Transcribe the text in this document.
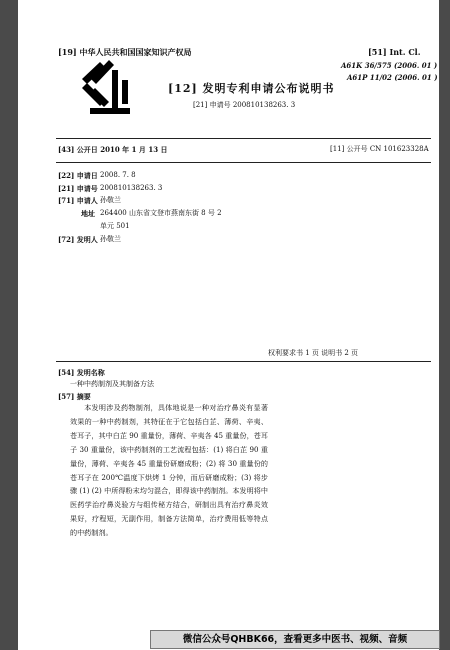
[19] 中华人民共和国国家知识产权局	[51] Int. Cl.
A61K 36/575 (2006. 01 )
A61P 11/02 (2006. 01 )
[12] 发明专利申请公布说明书
[21] 申请号 200810138263. 3
[43] 公开日 2010 年 1 月 13 日	[11] 公开号 CN 101623328A
[22] 申请日 2008. 7. 8
[21] 申请号 200810138263. 3
[71] 申请人 孙敬兰
地址 264400 山东省文登市燕南东街 8 号 2
单元 501
[72] 发明人 孙敬兰
权利要求书 1 页 说明书 2 页
[54] 发明名称
一种中药制剂及其制备方法
[57] 摘要
本发明涉及药物制剂，具体地说是一种对治疗鼻炎有显著效果的一种中药制剂，其特征在于它包括白芷、薄荷、辛夷、苍耳子，其中白芷 90 重量份，薄荷、辛夷各 45 重量份，苍耳子 30 重量份，该中药制剂的工艺流程包括：(1) 将白芷 90 重量份，薄荷、辛夷各 45 重量份研磨成粉；(2) 将 30 重量份的苍耳子在 200℃温度下烘烤 1 分钟，而后研磨成粉；(3) 将步骤 (1) (2) 中所得粉末均匀混合，即得该中药制剂。本发明将中医药学治疗鼻炎验方与组传秘方结合，研制出具有治疗鼻炎效果好，疗程短，无副作用，制备方法简单，治疗费用低等特点的中药制剂。
微信公众号QHBK66，查看更多中医书、视频、音频
